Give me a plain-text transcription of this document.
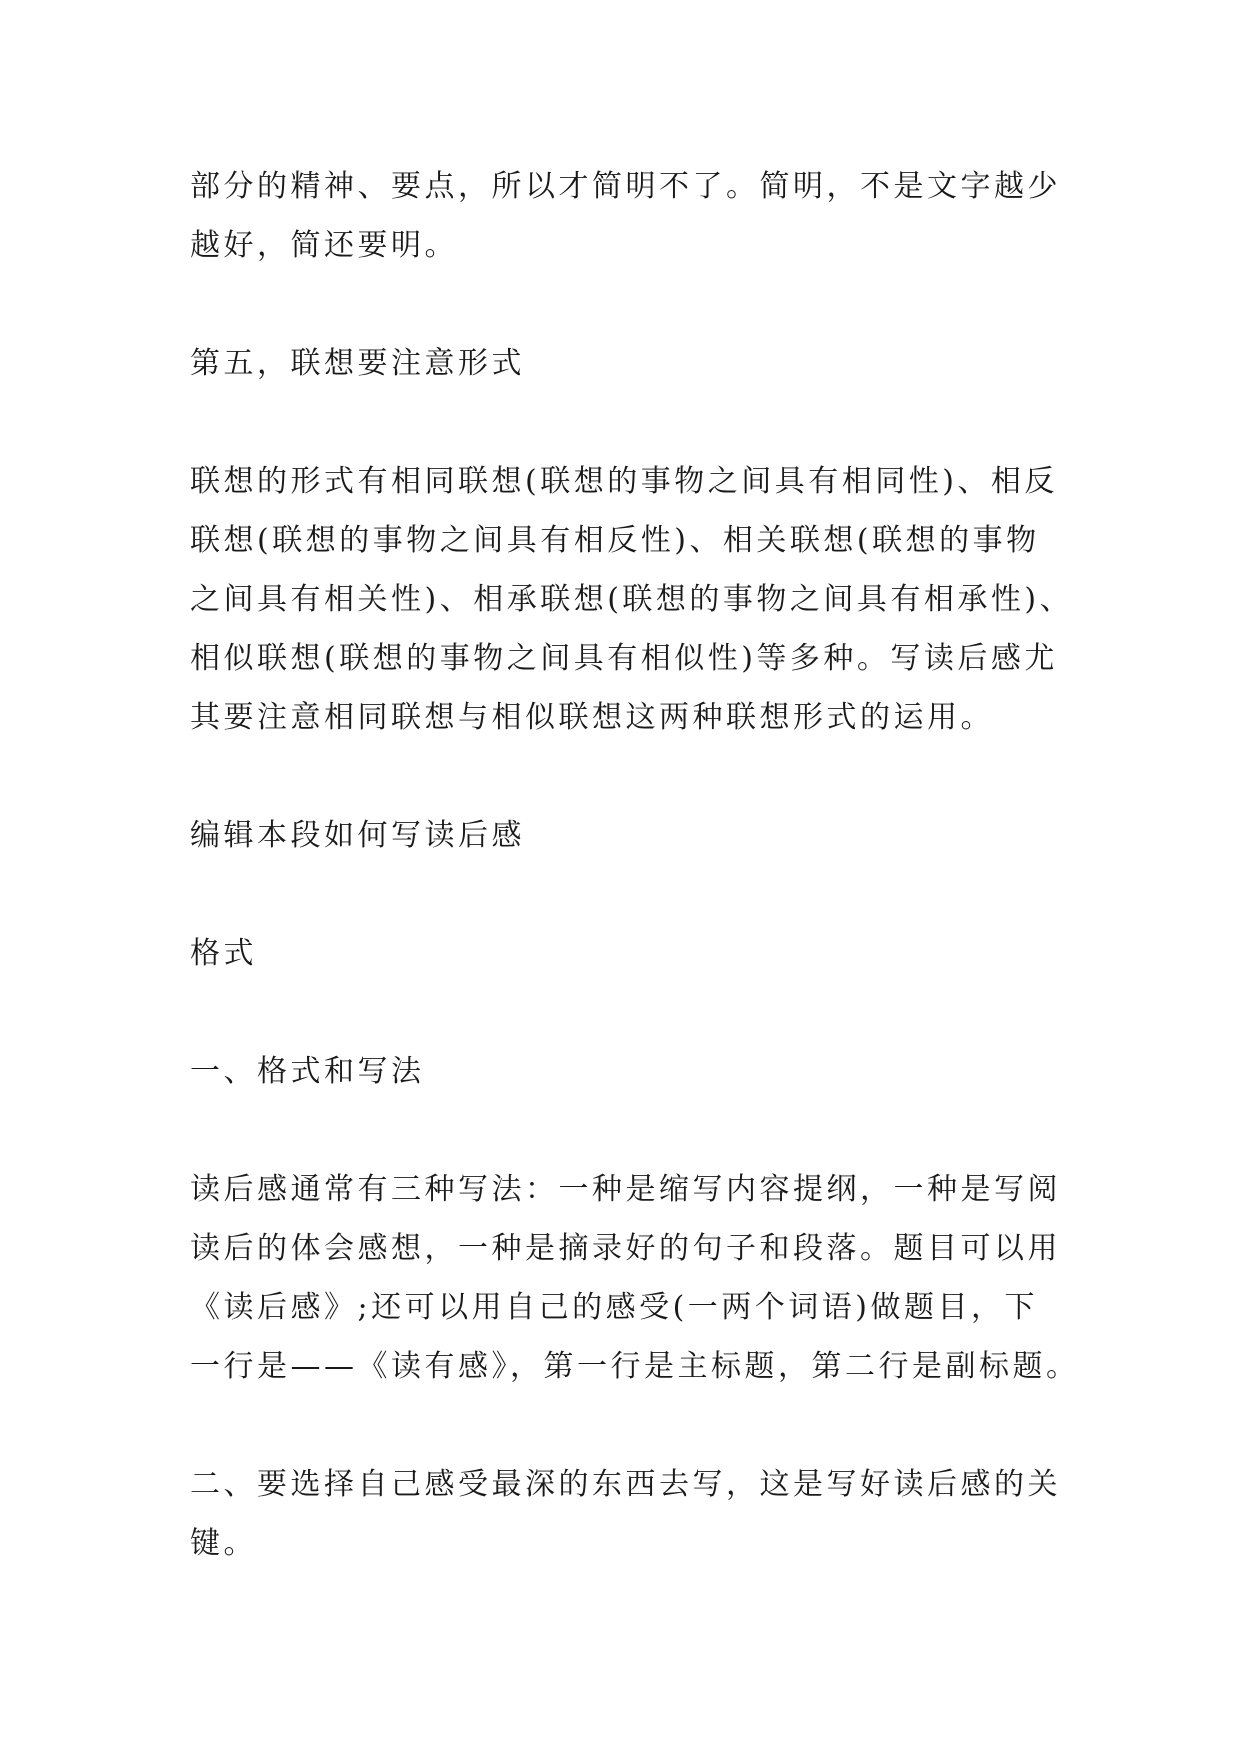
部分的精神、要点，所以才简明不了。简明，不是文字越少
越好，简还要明。

第五，联想要注意形式

联想的形式有相同联想(联想的事物之间具有相同性)、相反
联想(联想的事物之间具有相反性)、相关联想(联想的事物
之间具有相关性)、相承联想(联想的事物之间具有相承性)、
相似联想(联想的事物之间具有相似性)等多种。写读后感尤
其要注意相同联想与相似联想这两种联想形式的运用。

编辑本段如何写读后感

格式

一、格式和写法

读后感通常有三种写法：一种是缩写内容提纲，一种是写阅
读后的体会感想，一种是摘录好的句子和段落。题目可以用
《读后感》;还可以用自己的感受(一两个词语)做题目，下
一行是——《读有感》，第一行是主标题，第二行是副标题。

二、要选择自己感受最深的东西去写，这是写好读后感的关
键。
